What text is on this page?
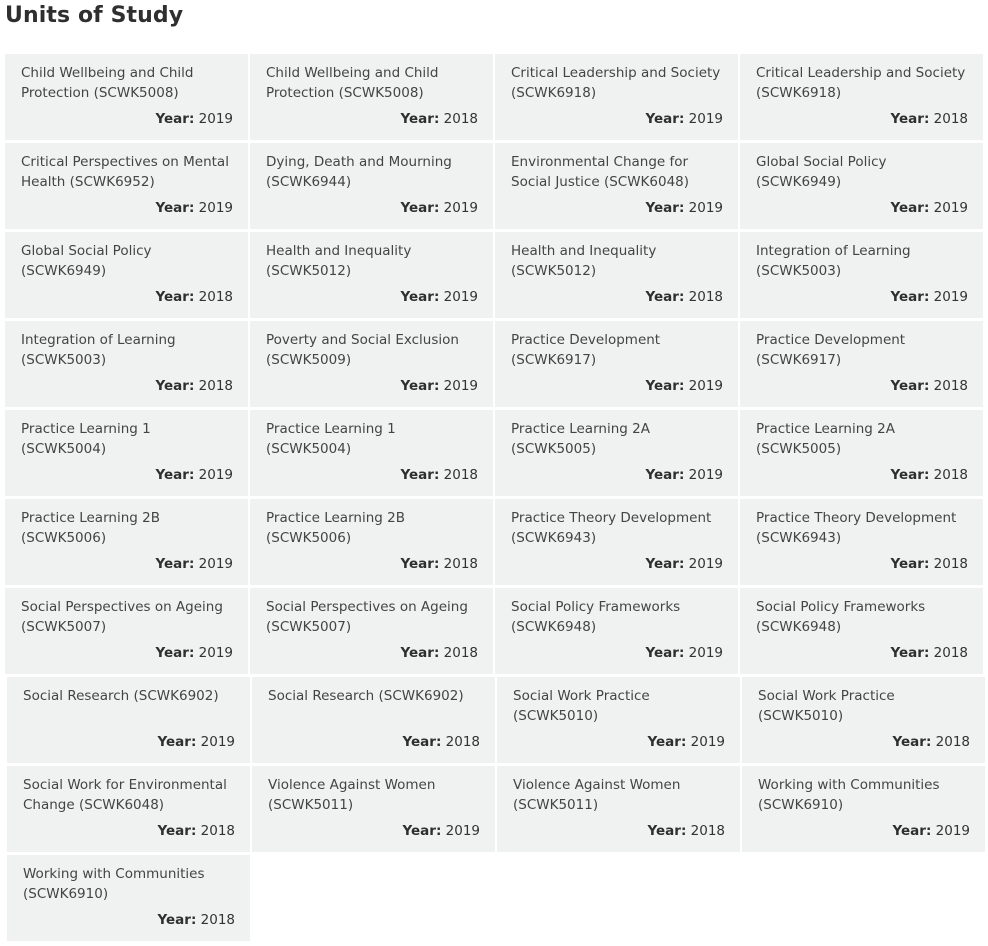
Units of Study
Child Wellbeing and Child Protection (SCWK5008)
Year: 2019
Child Wellbeing and Child Protection (SCWK5008)
Year: 2018
Critical Leadership and Society (SCWK6918)
Year: 2019
Critical Leadership and Society (SCWK6918)
Year: 2018
Critical Perspectives on Mental Health (SCWK6952)
Year: 2019
Dying, Death and Mourning (SCWK6944)
Year: 2019
Environmental Change for Social Justice (SCWK6048)
Year: 2019
Global Social Policy (SCWK6949)
Year: 2019
Global Social Policy (SCWK6949)
Year: 2018
Health and Inequality (SCWK5012)
Year: 2019
Health and Inequality (SCWK5012)
Year: 2018
Integration of Learning (SCWK5003)
Year: 2019
Integration of Learning (SCWK5003)
Year: 2018
Poverty and Social Exclusion (SCWK5009)
Year: 2019
Practice Development (SCWK6917)
Year: 2019
Practice Development (SCWK6917)
Year: 2018
Practice Learning 1 (SCWK5004)
Year: 2019
Practice Learning 1 (SCWK5004)
Year: 2018
Practice Learning 2A (SCWK5005)
Year: 2019
Practice Learning 2A (SCWK5005)
Year: 2018
Practice Learning 2B (SCWK5006)
Year: 2019
Practice Learning 2B (SCWK5006)
Year: 2018
Practice Theory Development (SCWK6943)
Year: 2019
Practice Theory Development (SCWK6943)
Year: 2018
Social Perspectives on Ageing (SCWK5007)
Year: 2019
Social Perspectives on Ageing (SCWK5007)
Year: 2018
Social Policy Frameworks (SCWK6948)
Year: 2019
Social Policy Frameworks (SCWK6948)
Year: 2018
Social Research (SCWK6902)
Year: 2019
Social Research (SCWK6902)
Year: 2018
Social Work Practice (SCWK5010)
Year: 2019
Social Work Practice (SCWK5010)
Year: 2018
Social Work for Environmental Change (SCWK6048)
Year: 2018
Violence Against Women (SCWK5011)
Year: 2019
Violence Against Women (SCWK5011)
Year: 2018
Working with Communities (SCWK6910)
Year: 2019
Working with Communities (SCWK6910)
Year: 2018
